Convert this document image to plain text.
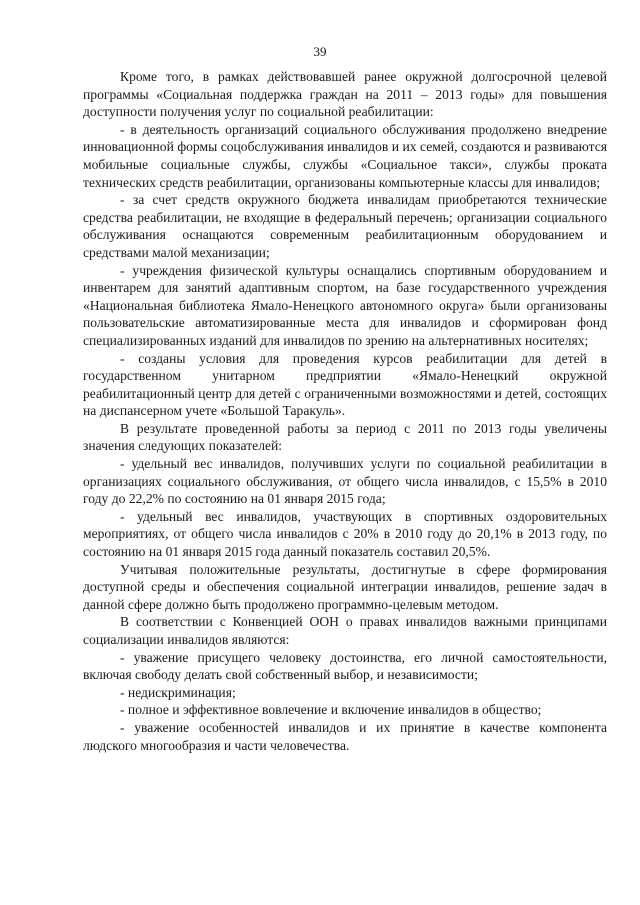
39

Кроме того, в рамках действовавшей ранее окружной долгосрочной целевой программы «Социальная поддержка граждан на 2011 – 2013 годы» для повышения доступности получения услуг по социальной реабилитации:

- в деятельность организаций социального обслуживания продолжено внедрение инновационной формы соцобслуживания инвалидов и их семей, создаются и развиваются мобильные социальные службы, службы «Социальное такси», службы проката технических средств реабилитации, организованы компьютерные классы для инвалидов;

- за счет средств окружного бюджета инвалидам приобретаются технические средства реабилитации, не входящие в федеральный перечень; организации социального обслуживания оснащаются современным реабилитационным оборудованием и средствами малой механизации;

- учреждения физической культуры оснащались спортивным оборудованием и инвентарем для занятий адаптивным спортом, на базе государственного учреждения «Национальная библиотека Ямало-Ненецкого автономного округа» были организованы пользовательские автоматизированные места для инвалидов и сформирован фонд специализированных изданий для инвалидов по зрению на альтернативных носителях;

- созданы условия для проведения курсов реабилитации для детей в государственном унитарном предприятии «Ямало-Ненецкий окружной реабилитационный центр для детей с ограниченными возможностями и детей, состоящих на диспансерном учете «Большой Таракуль».

В результате проведенной работы за период с 2011 по 2013 годы увеличены значения следующих показателей:

- удельный вес инвалидов, получивших услуги по социальной реабилитации в организациях социального обслуживания, от общего числа инвалидов, с 15,5% в 2010 году до 22,2% по состоянию на 01 января 2015 года;

- удельный вес инвалидов, участвующих в спортивных оздоровительных мероприятиях, от общего числа инвалидов с 20% в 2010 году до 20,1% в 2013 году, по состоянию на 01 января 2015 года данный показатель составил 20,5%.

Учитывая положительные результаты, достигнутые в сфере формирования доступной среды и обеспечения социальной интеграции инвалидов, решение задач в данной сфере должно быть продолжено программно-целевым методом.

В соответствии с Конвенцией ООН о правах инвалидов важными принципами социализации инвалидов являются:

- уважение присущего человеку достоинства, его личной самостоятельности, включая свободу делать свой собственный выбор, и независимости;

- недискриминация;

- полное и эффективное вовлечение и включение инвалидов в общество;

- уважение особенностей инвалидов и их принятие в качестве компонента людского многообразия и части человечества.
